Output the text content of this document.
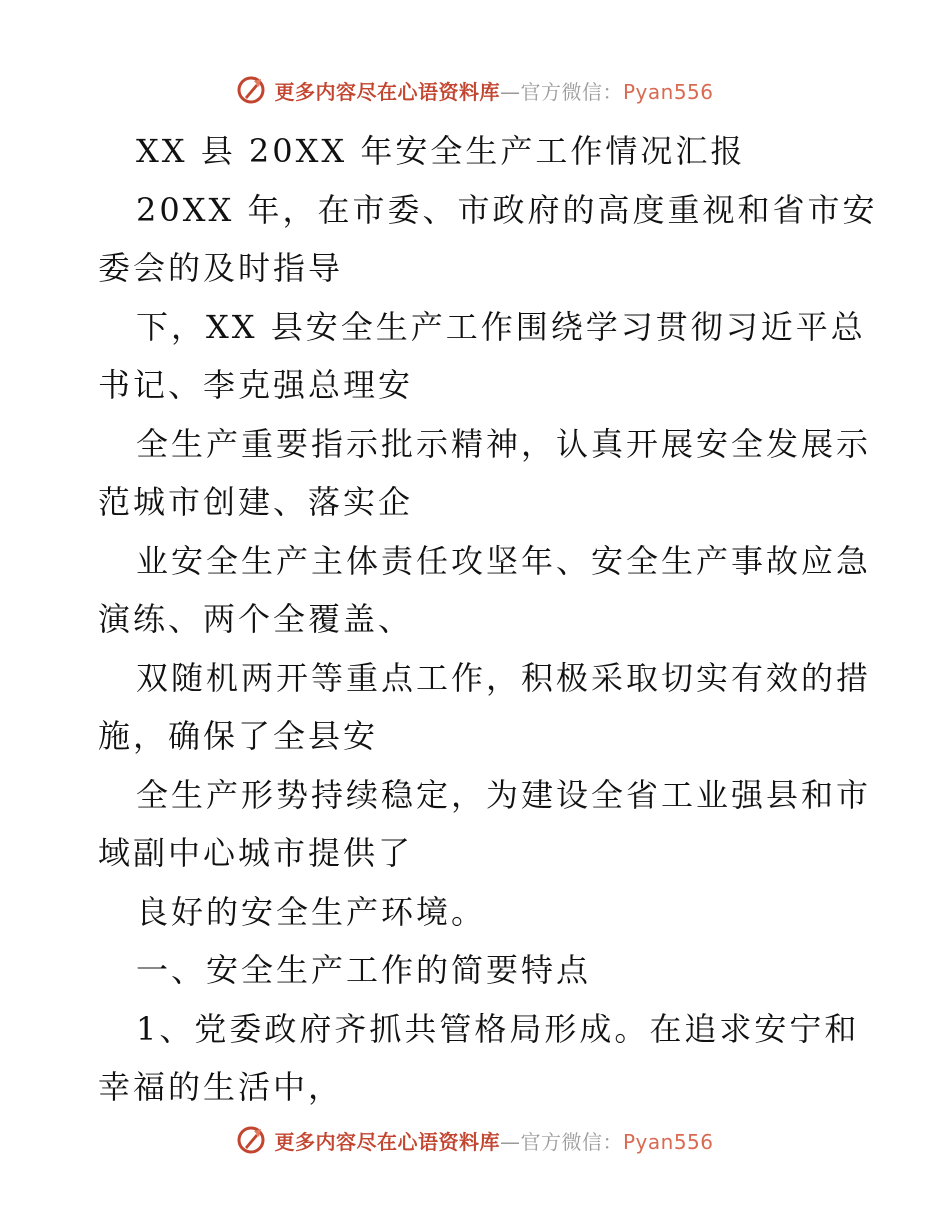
更多内容尽在心语资料库—官方微信：Pyan556
XX 县 20XX 年安全生产工作情况汇报
20XX 年，在市委、市政府的高度重视和省市安
委会的及时指导
下，XX 县安全生产工作围绕学习贯彻习近平总
书记、李克强总理安
全生产重要指示批示精神，认真开展安全发展示
范城市创建、落实企
业安全生产主体责任攻坚年、安全生产事故应急
演练、两个全覆盖、
双随机两开等重点工作，积极采取切实有效的措
施，确保了全县安
全生产形势持续稳定，为建设全省工业强县和市
域副中心城市提供了
良好的安全生产环境。
一、安全生产工作的简要特点
1、党委政府齐抓共管格局形成。在追求安宁和
幸福的生活中，
更多内容尽在心语资料库—官方微信：Pyan556
